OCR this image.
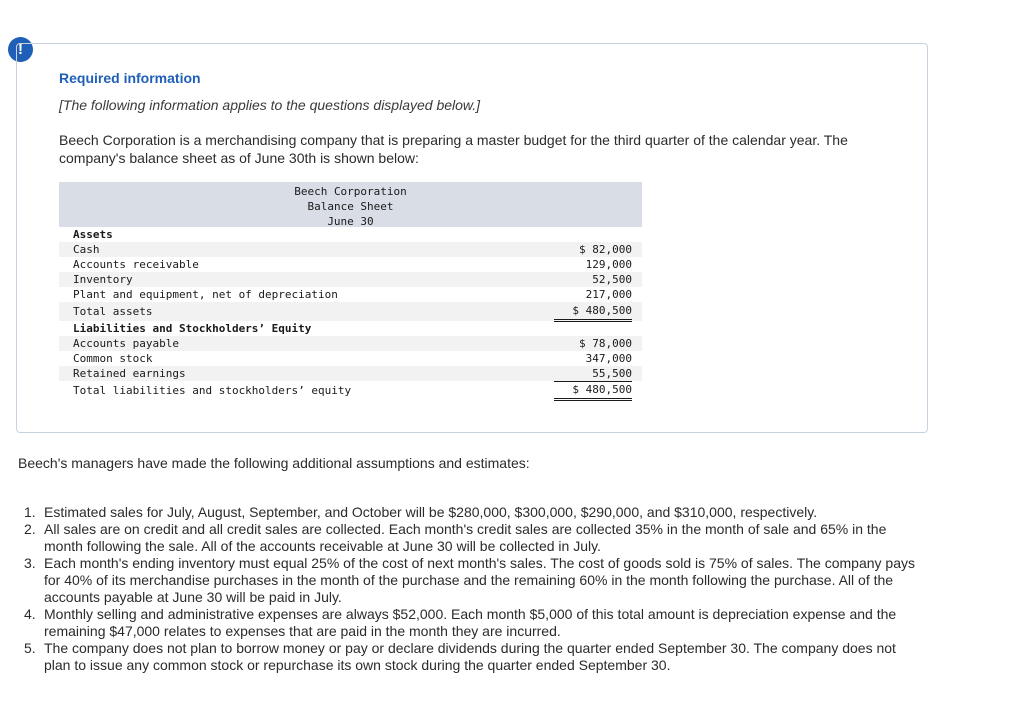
!
Required information
[The following information applies to the questions displayed below.]
Beech Corporation is a merchandising company that is preparing a master budget for the third quarter of the calendar year. The company's balance sheet as of June 30th is shown below:
Beech Corporation
Balance Sheet
June 30
Assets
Cash	$ 82,000
Accounts receivable	129,000
Inventory	52,500
Plant and equipment, net of depreciation	217,000
Total assets	$ 480,500
Liabilities and Stockholders’ Equity
Accounts payable	$ 78,000
Common stock	347,000
Retained earnings	55,500
Total liabilities and stockholders’ equity	$ 480,500
Beech's managers have made the following additional assumptions and estimates:
1. Estimated sales for July, August, September, and October will be $280,000, $300,000, $290,000, and $310,000, respectively.
2. All sales are on credit and all credit sales are collected. Each month's credit sales are collected 35% in the month of sale and 65% in the month following the sale. All of the accounts receivable at June 30 will be collected in July.
3. Each month's ending inventory must equal 25% of the cost of next month's sales. The cost of goods sold is 75% of sales. The company pays for 40% of its merchandise purchases in the month of the purchase and the remaining 60% in the month following the purchase. All of the accounts payable at June 30 will be paid in July.
4. Monthly selling and administrative expenses are always $52,000. Each month $5,000 of this total amount is depreciation expense and the remaining $47,000 relates to expenses that are paid in the month they are incurred.
5. The company does not plan to borrow money or pay or declare dividends during the quarter ended September 30. The company does not plan to issue any common stock or repurchase its own stock during the quarter ended September 30.
